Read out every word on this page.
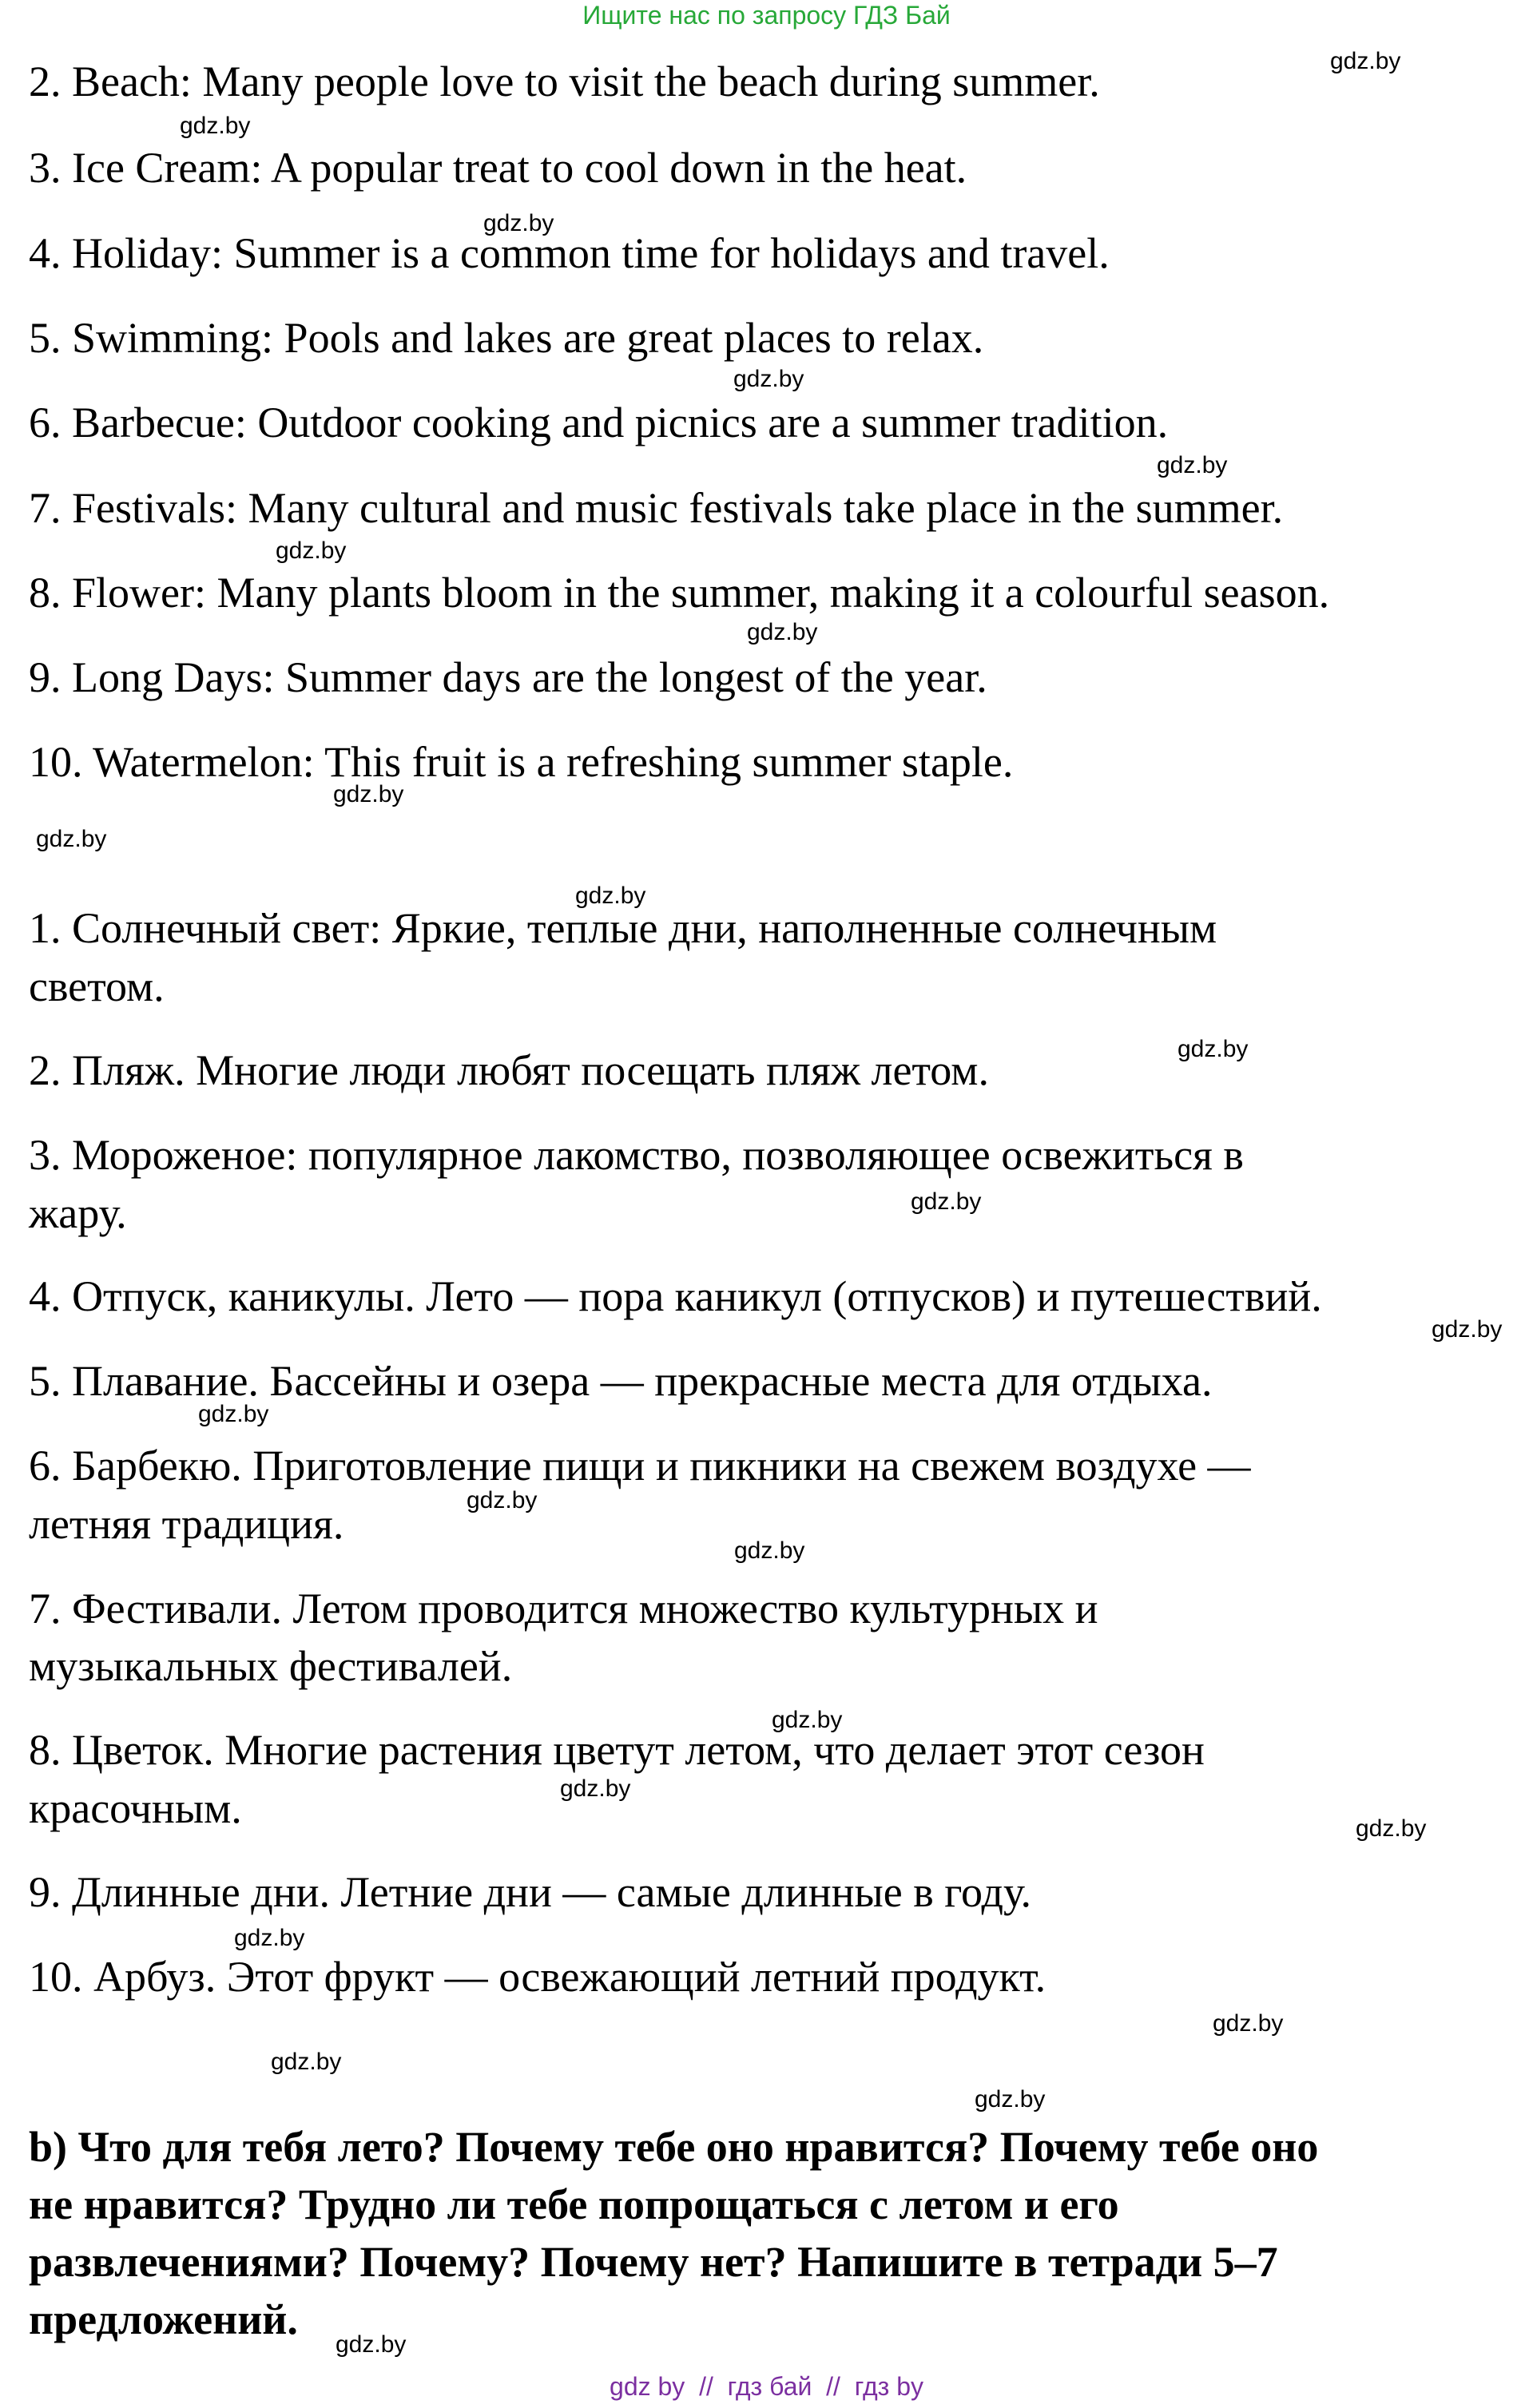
Ищите нас по запросу ГДЗ Бай
2. Beach: Many people love to visit the beach during summer.
3. Ice Cream: A popular treat to cool down in the heat.
4. Holiday: Summer is a common time for holidays and travel.
5. Swimming: Pools and lakes are great places to relax.
6. Barbecue: Outdoor cooking and picnics are a summer tradition.
7. Festivals: Many cultural and music festivals take place in the summer.
8. Flower: Many plants bloom in the summer, making it a colourful season.
9. Long Days: Summer days are the longest of the year.
10. Watermelon: This fruit is a refreshing summer staple.
1. Солнечный свет: Яркие, теплые дни, наполненные солнечным
светом.
2. Пляж. Многие люди любят посещать пляж летом.
3. Мороженое: популярное лакомство, позволяющее освежиться в
жару.
4. Отпуск, каникулы. Лето — пора каникул (отпусков) и путешествий.
5. Плавание. Бассейны и озера — прекрасные места для отдыха.
6. Барбекю. Приготовление пищи и пикники на свежем воздухе —
летняя традиция.
7. Фестивали. Летом проводится множество культурных и
музыкальных фестивалей.
8. Цветок. Многие растения цветут летом, что делает этот сезон
красочным.
9. Длинные дни. Летние дни — самые длинные в году.
10. Арбуз. Этот фрукт — освежающий летний продукт.
b) Что для тебя лето? Почему тебе оно нравится? Почему тебе оно
не нравится? Трудно ли тебе попрощаться с летом и его
развлечениями? Почему? Почему нет? Напишите в тетради 5–7
предложений.
gdz.by
gdz.by
gdz.by
gdz.by
gdz.by
gdz.by
gdz.by
gdz.by
gdz.by
gdz.by
gdz.by
gdz.by
gdz.by
gdz.by
gdz.by
gdz.by
gdz.by
gdz.by
gdz.by
gdz.by
gdz.by
gdz.by
gdz.by
gdz.by
gdz by  //  гдз бай  //  гдз by
